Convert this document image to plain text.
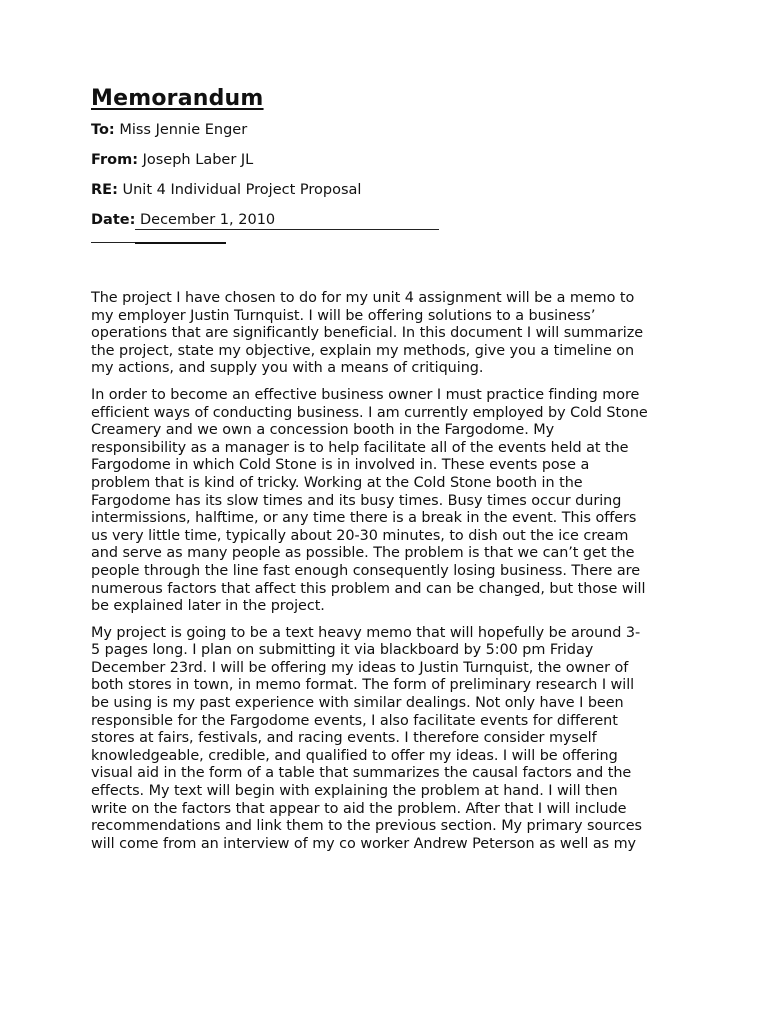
Memorandum
To: Miss Jennie Enger
From: Joseph Laber JL
RE: Unit 4 Individual Project Proposal
Date: December 1, 2010
The project I have chosen to do for my unit 4 assignment will be a memo to
my employer Justin Turnquist. I will be offering solutions to a business’
operations that are significantly beneficial. In this document I will summarize
the project, state my objective, explain my methods, give you a timeline on
my actions, and supply you with a means of critiquing.
In order to become an effective business owner I must practice finding more
efficient ways of conducting business. I am currently employed by Cold Stone
Creamery and we own a concession booth in the Fargodome. My
responsibility as a manager is to help facilitate all of the events held at the
Fargodome in which Cold Stone is in involved in. These events pose a
problem that is kind of tricky. Working at the Cold Stone booth in the
Fargodome has its slow times and its busy times. Busy times occur during
intermissions, halftime, or any time there is a break in the event. This offers
us very little time, typically about 20-30 minutes, to dish out the ice cream
and serve as many people as possible. The problem is that we can’t get the
people through the line fast enough consequently losing business. There are
numerous factors that affect this problem and can be changed, but those will
be explained later in the project.
My project is going to be a text heavy memo that will hopefully be around 3-
5 pages long. I plan on submitting it via blackboard by 5:00 pm Friday
December 23rd. I will be offering my ideas to Justin Turnquist, the owner of
both stores in town, in memo format. The form of preliminary research I will
be using is my past experience with similar dealings. Not only have I been
responsible for the Fargodome events, I also facilitate events for different
stores at fairs, festivals, and racing events. I therefore consider myself
knowledgeable, credible, and qualified to offer my ideas. I will be offering
visual aid in the form of a table that summarizes the causal factors and the
effects. My text will begin with explaining the problem at hand. I will then
write on the factors that appear to aid the problem. After that I will include
recommendations and link them to the previous section. My primary sources
will come from an interview of my co worker Andrew Peterson as well as my
